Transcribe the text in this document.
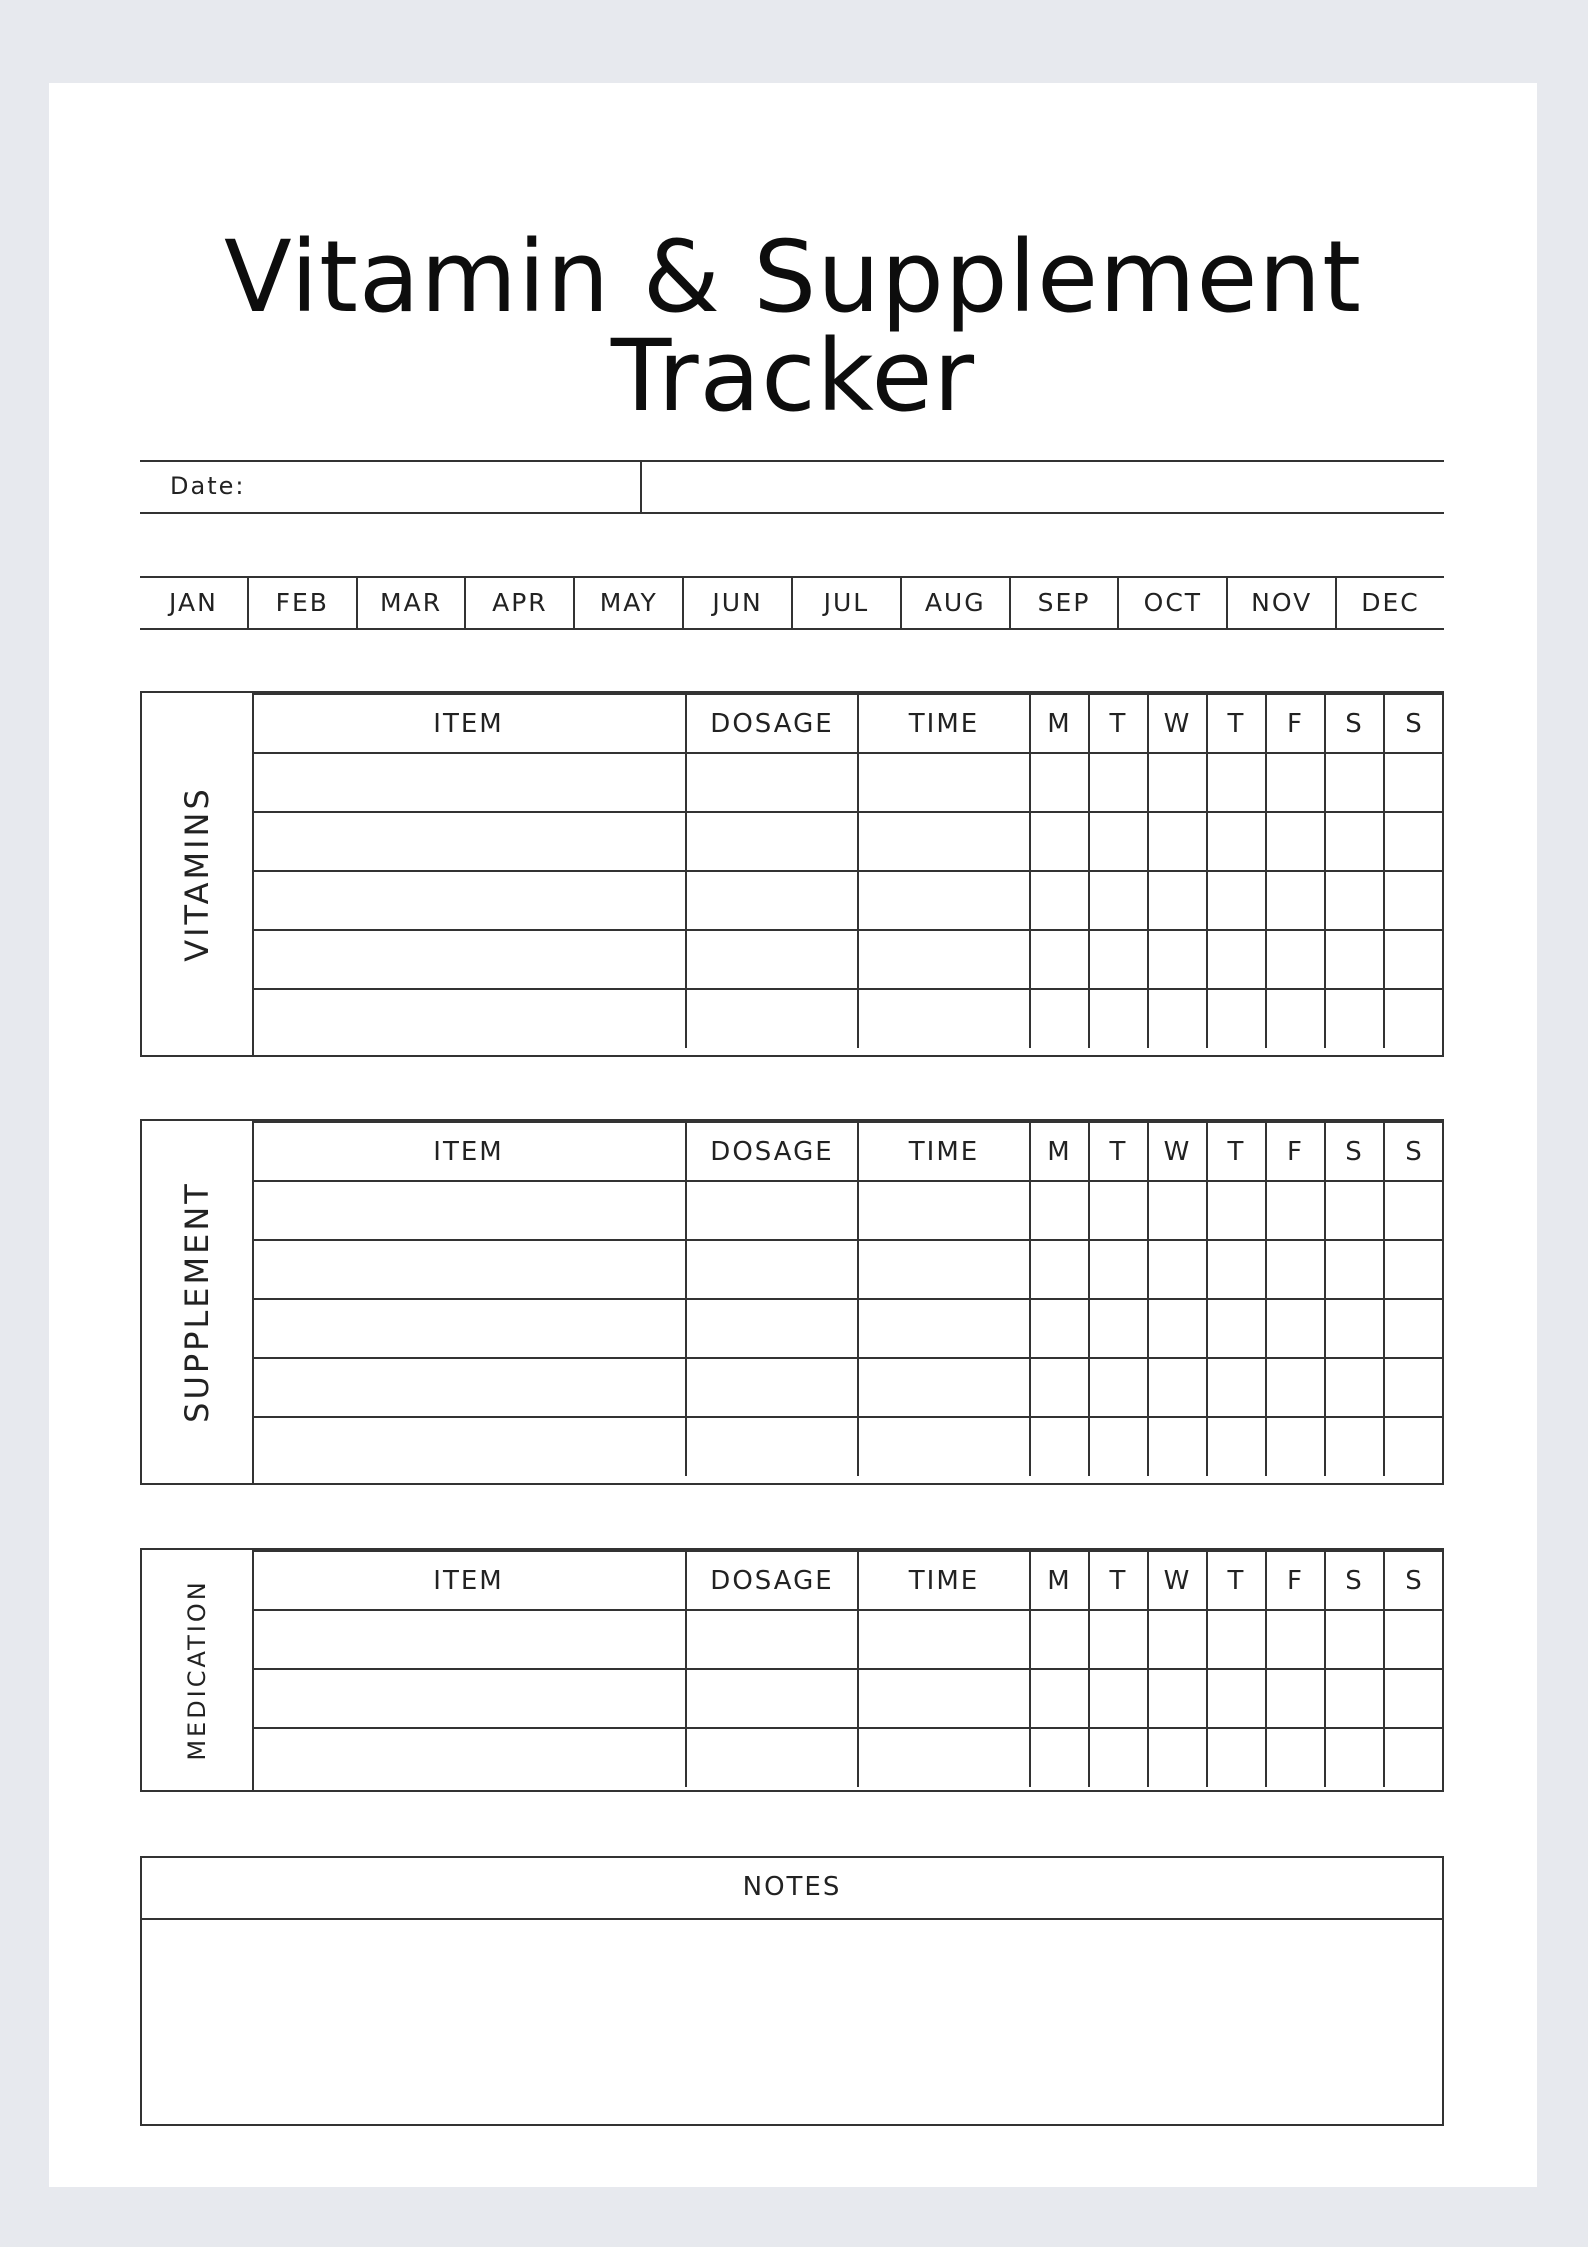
Vitamin & Supplement Tracker
Date:
JAN	FEB	MAR	APR	MAY	JUN	JUL	AUG	SEP	OCT	NOV	DEC
VITAMINS
ITEM	DOSAGE	TIME	M	T	W	T	F	S	S

SUPPLEMENT
ITEM	DOSAGE	TIME	M	T	W	T	F	S	S

MEDICATION	ITEM	DOSAGE	TIME	M	T	W	T	F	S	S

NOTES
